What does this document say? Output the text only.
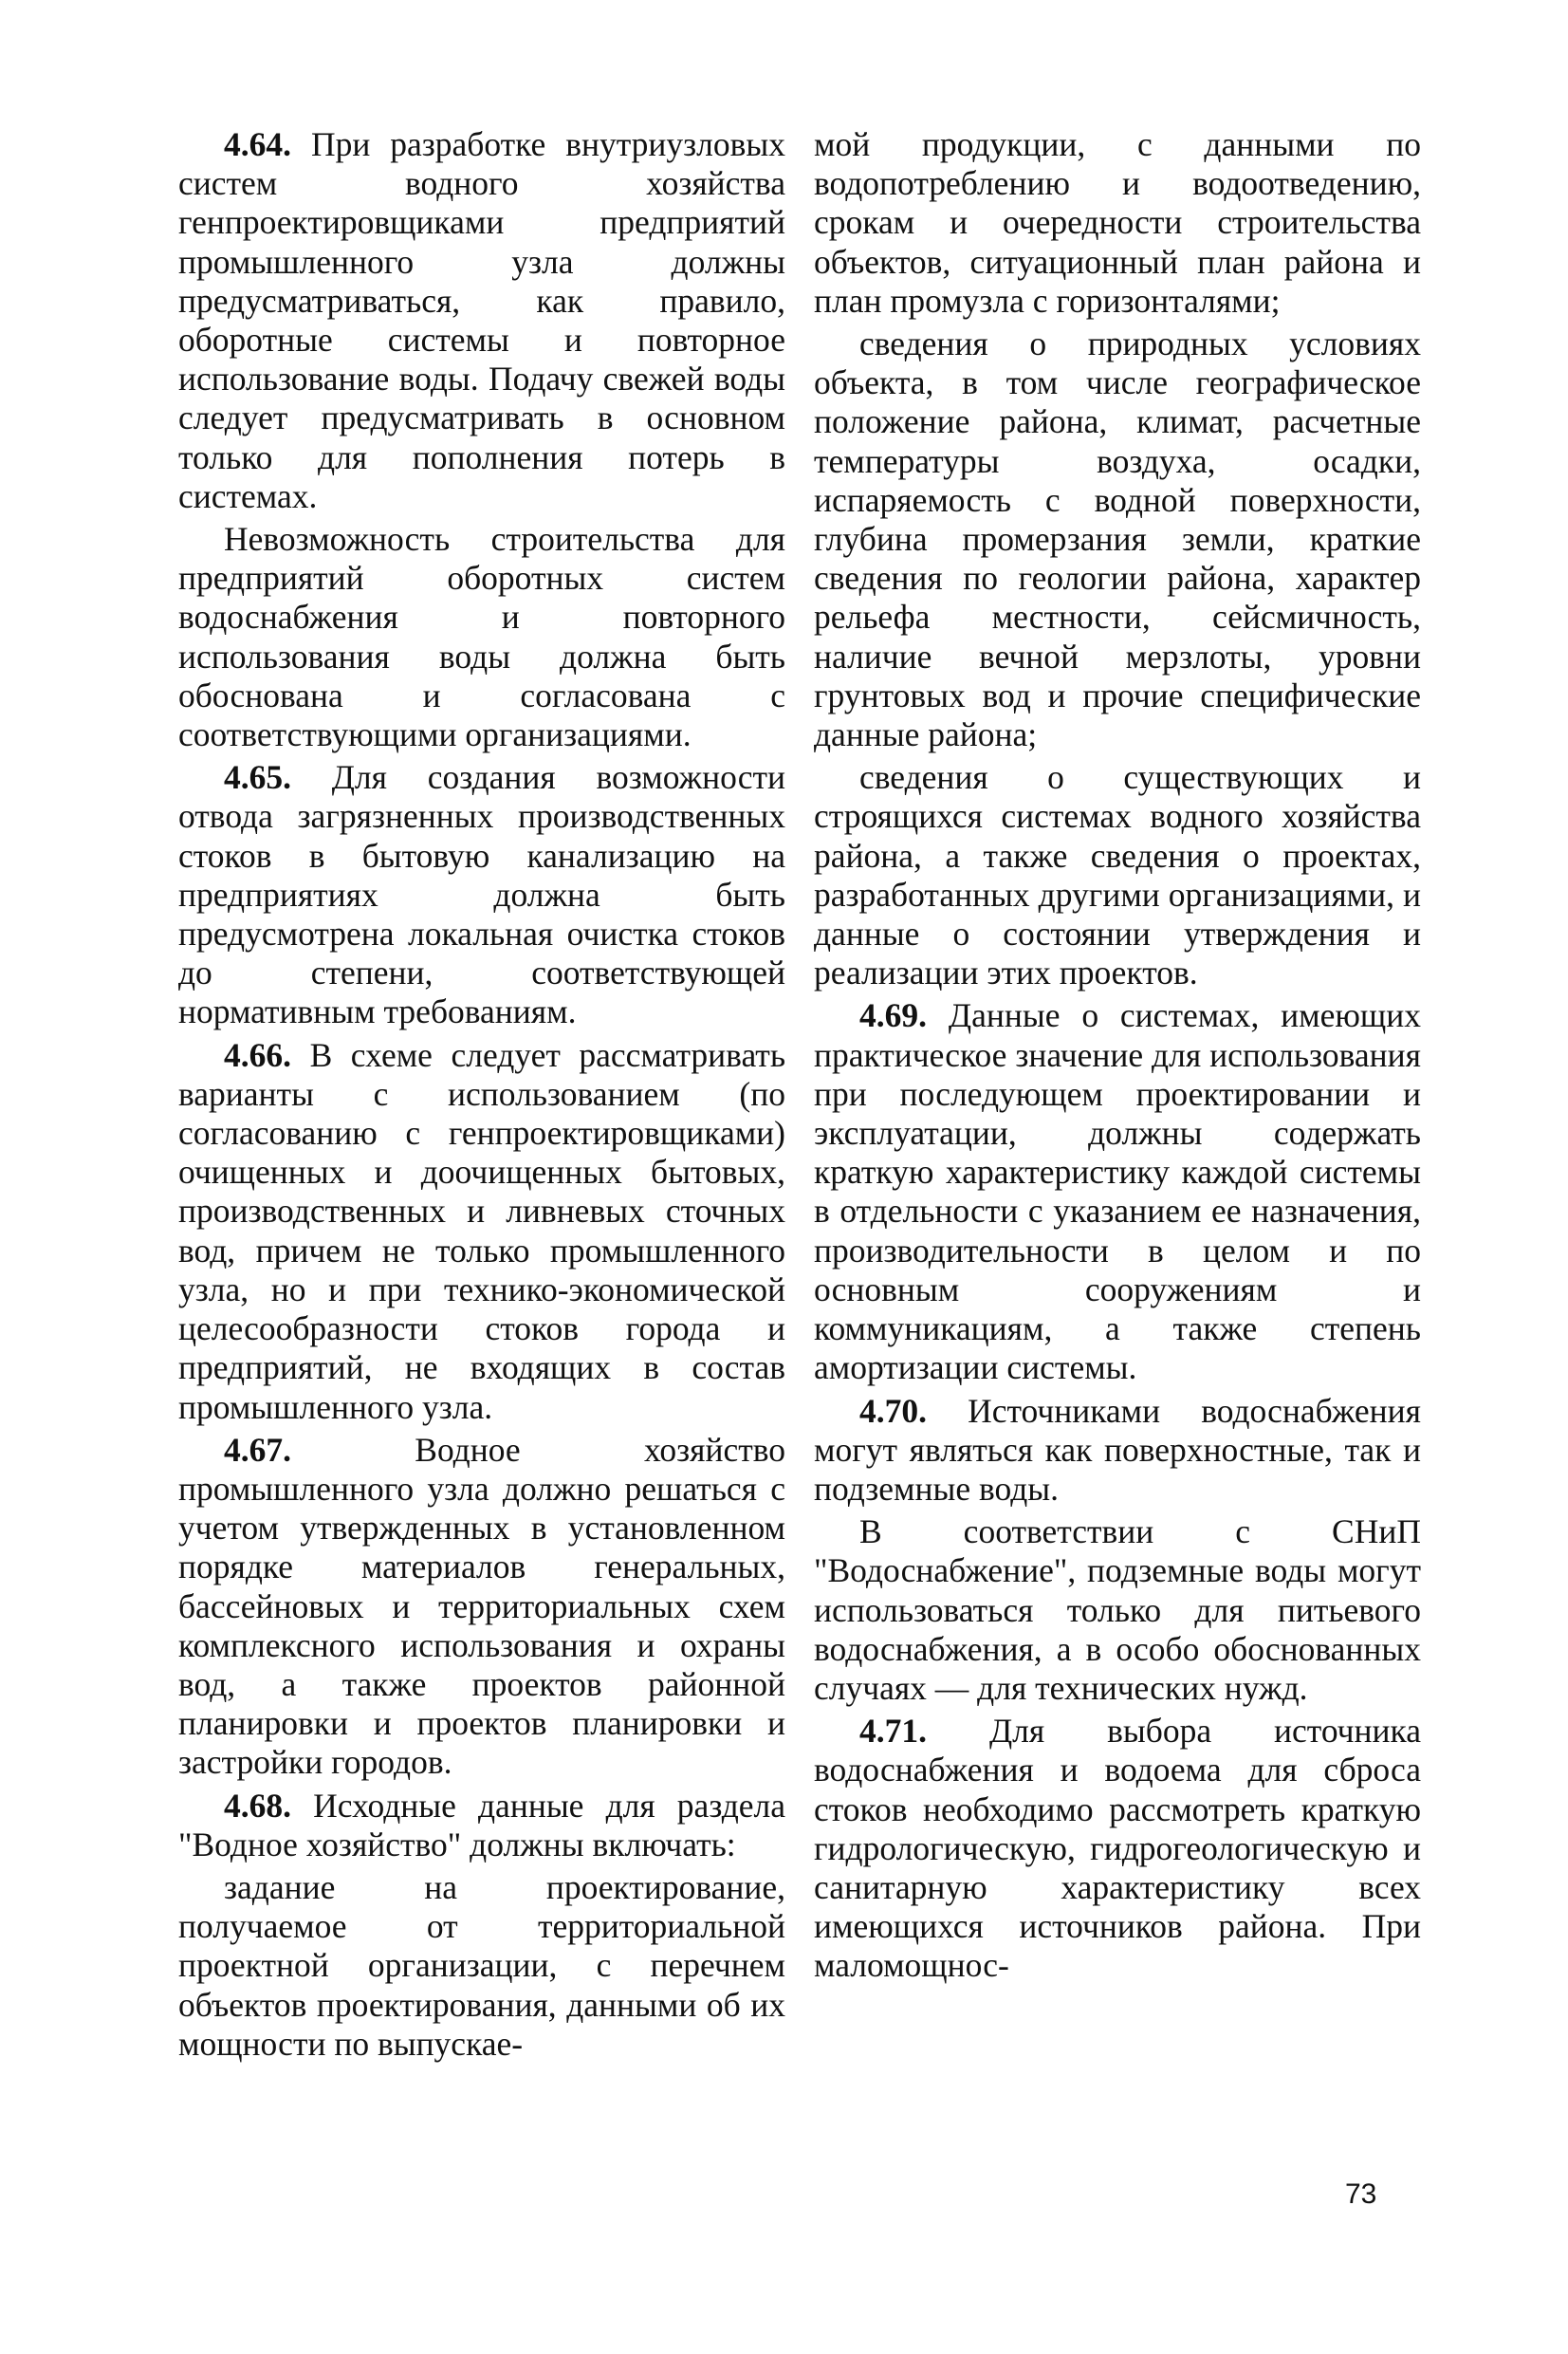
4.64. При разработке внутриузловых систем водного хозяйства генпроектировщиками предприятий промышленного узла должны предусматриваться, как правило, оборотные системы и повторное использование воды. Подачу свежей воды следует предусматривать в основном только для пополнения потерь в системах.

Невозможность строительства для предприятий оборотных систем водоснабжения и повторного использования воды должна быть обоснована и согласована с соответствующими организациями.

4.65. Для создания возможности отвода загрязненных производственных стоков в бытовую канализацию на предприятиях должна быть предусмотрена локальная очистка стоков до степени, соответствующей нормативным требованиям.

4.66. В схеме следует рассматривать варианты с использованием (по согласованию с генпроектировщиками) очищенных и доочищенных бытовых, производственных и ливневых сточных вод, причем не только промышленного узла, но и при технико-экономической целесообразности стоков города и предприятий, не входящих в состав промышленного узла.

4.67.	Водное хозяйство промышленного узла должно решаться с учетом утвержденных в установленном порядке материалов генеральных, бассейновых и территориальных схем комплексного использования и охраны вод, а также проектов районной планировки и проектов планировки и застройки городов.

4.68. Исходные данные для раздела "Водное хозяйство" должны включать:

задание на проектирование, получаемое от территориальной проектной организации, с перечнем объектов проектирования, данными об их мощности по выпускае-

мой продукции, с данными по водопотреблению и водоотведению, срокам и очередности строительства объектов, ситуационный план района и план промузла с горизонталями;

сведения о природных условиях объекта, в том числе географическое положение района, климат, расчетные температуры воздуха, осадки, испаряемость с водной поверхности, глубина промерзания земли, краткие сведения по геологии района, характер рельефа местности, сейсмичность, наличие вечной мерзлоты, уровни грунтовых вод и прочие специфические данные района;

сведения о существующих и строящихся системах водного хозяйства района, а также сведения о проектах, разработанных другими организациями, и данные о состоянии утверждения и реализации этих проектов.

4.69. Данные о системах, имеющих практическое значение для использования при последующем проектировании и эксплуатации, должны содержать краткую характеристику каждой системы в отдельности с указанием ее назначения, производительности в целом и по основным сооружениям и коммуникациям, а также степень амортизации системы.

4.70. Источниками водоснабжения могут являться как поверхностные, так и подземные воды.

В соответствии с СНиП "Водоснабжение", подземные воды могут использоваться только для питьевого водоснабжения, а в особо обоснованных случаях — для технических нужд.

4.71. Для выбора источника водоснабжения и водоема для сброса стоков необходимо рассмотреть краткую гидрологическую, гидрогеологическую и санитарную характеристику всех имеющихся источников района. При маломощнос-

73
